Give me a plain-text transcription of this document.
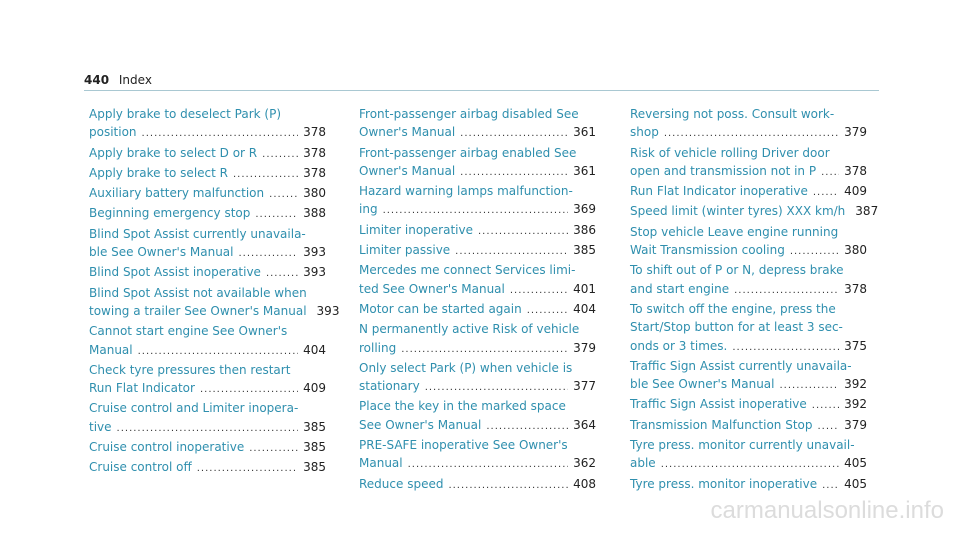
440 Index
Apply brake to deselect Park (P)
position .....	378
Apply brake to select D or R .....	378
Apply brake to select R .....	378
Auxiliary battery malfunction .....	380
Beginning emergency stop .....	388
Blind Spot Assist currently unavaila-
ble See Owner's Manual .....	393
Blind Spot Assist inoperative .....	393
Blind Spot Assist not available when
towing a trailer See Owner's Manual 393
Cannot start engine See Owner's
Manual .....	404
Check tyre pressures then restart
Run Flat Indicator .....	409
Cruise control and Limiter inopera-
tive .....	385
Cruise control inoperative .....	385
Cruise control off .....	385
Front-passenger airbag disabled See
Owner's Manual .....	361
Front-passenger airbag enabled See
Owner's Manual .....	361
Hazard warning lamps malfunction-
ing .....	369
Limiter inoperative .....	386
Limiter passive .....	385
Mercedes me connect Services limi-
ted See Owner's Manual .....	401
Motor can be started again .....	404
N permanently active Risk of vehicle
rolling .....	379
Only select Park (P) when vehicle is
stationary .....	377
Place the key in the marked space
See Owner's Manual .....	364
PRE-SAFE inoperative See Owner's
Manual .....	362
Reduce speed .....	408
Reversing not poss. Consult work-
shop .....	379
Risk of vehicle rolling Driver door
open and transmission not in P ..... 378
Run Flat Indicator inoperative .....	409
Speed limit (winter tyres) XXX km/h 387
Stop vehicle Leave engine running
Wait Transmission cooling .....	380
To shift out of P or N, depress brake
and start engine .....	378
To switch off the engine, press the
Start/Stop button for at least 3 sec-
onds or 3 times. .....	375
Traffic Sign Assist currently unavaila-
ble See Owner's Manual .....	392
Traffic Sign Assist inoperative .....	392
Transmission Malfunction Stop .....	379
Tyre press. monitor currently unavail-
able .....	405
Tyre press. monitor inoperative ..... 405
carmanualsonline.info
